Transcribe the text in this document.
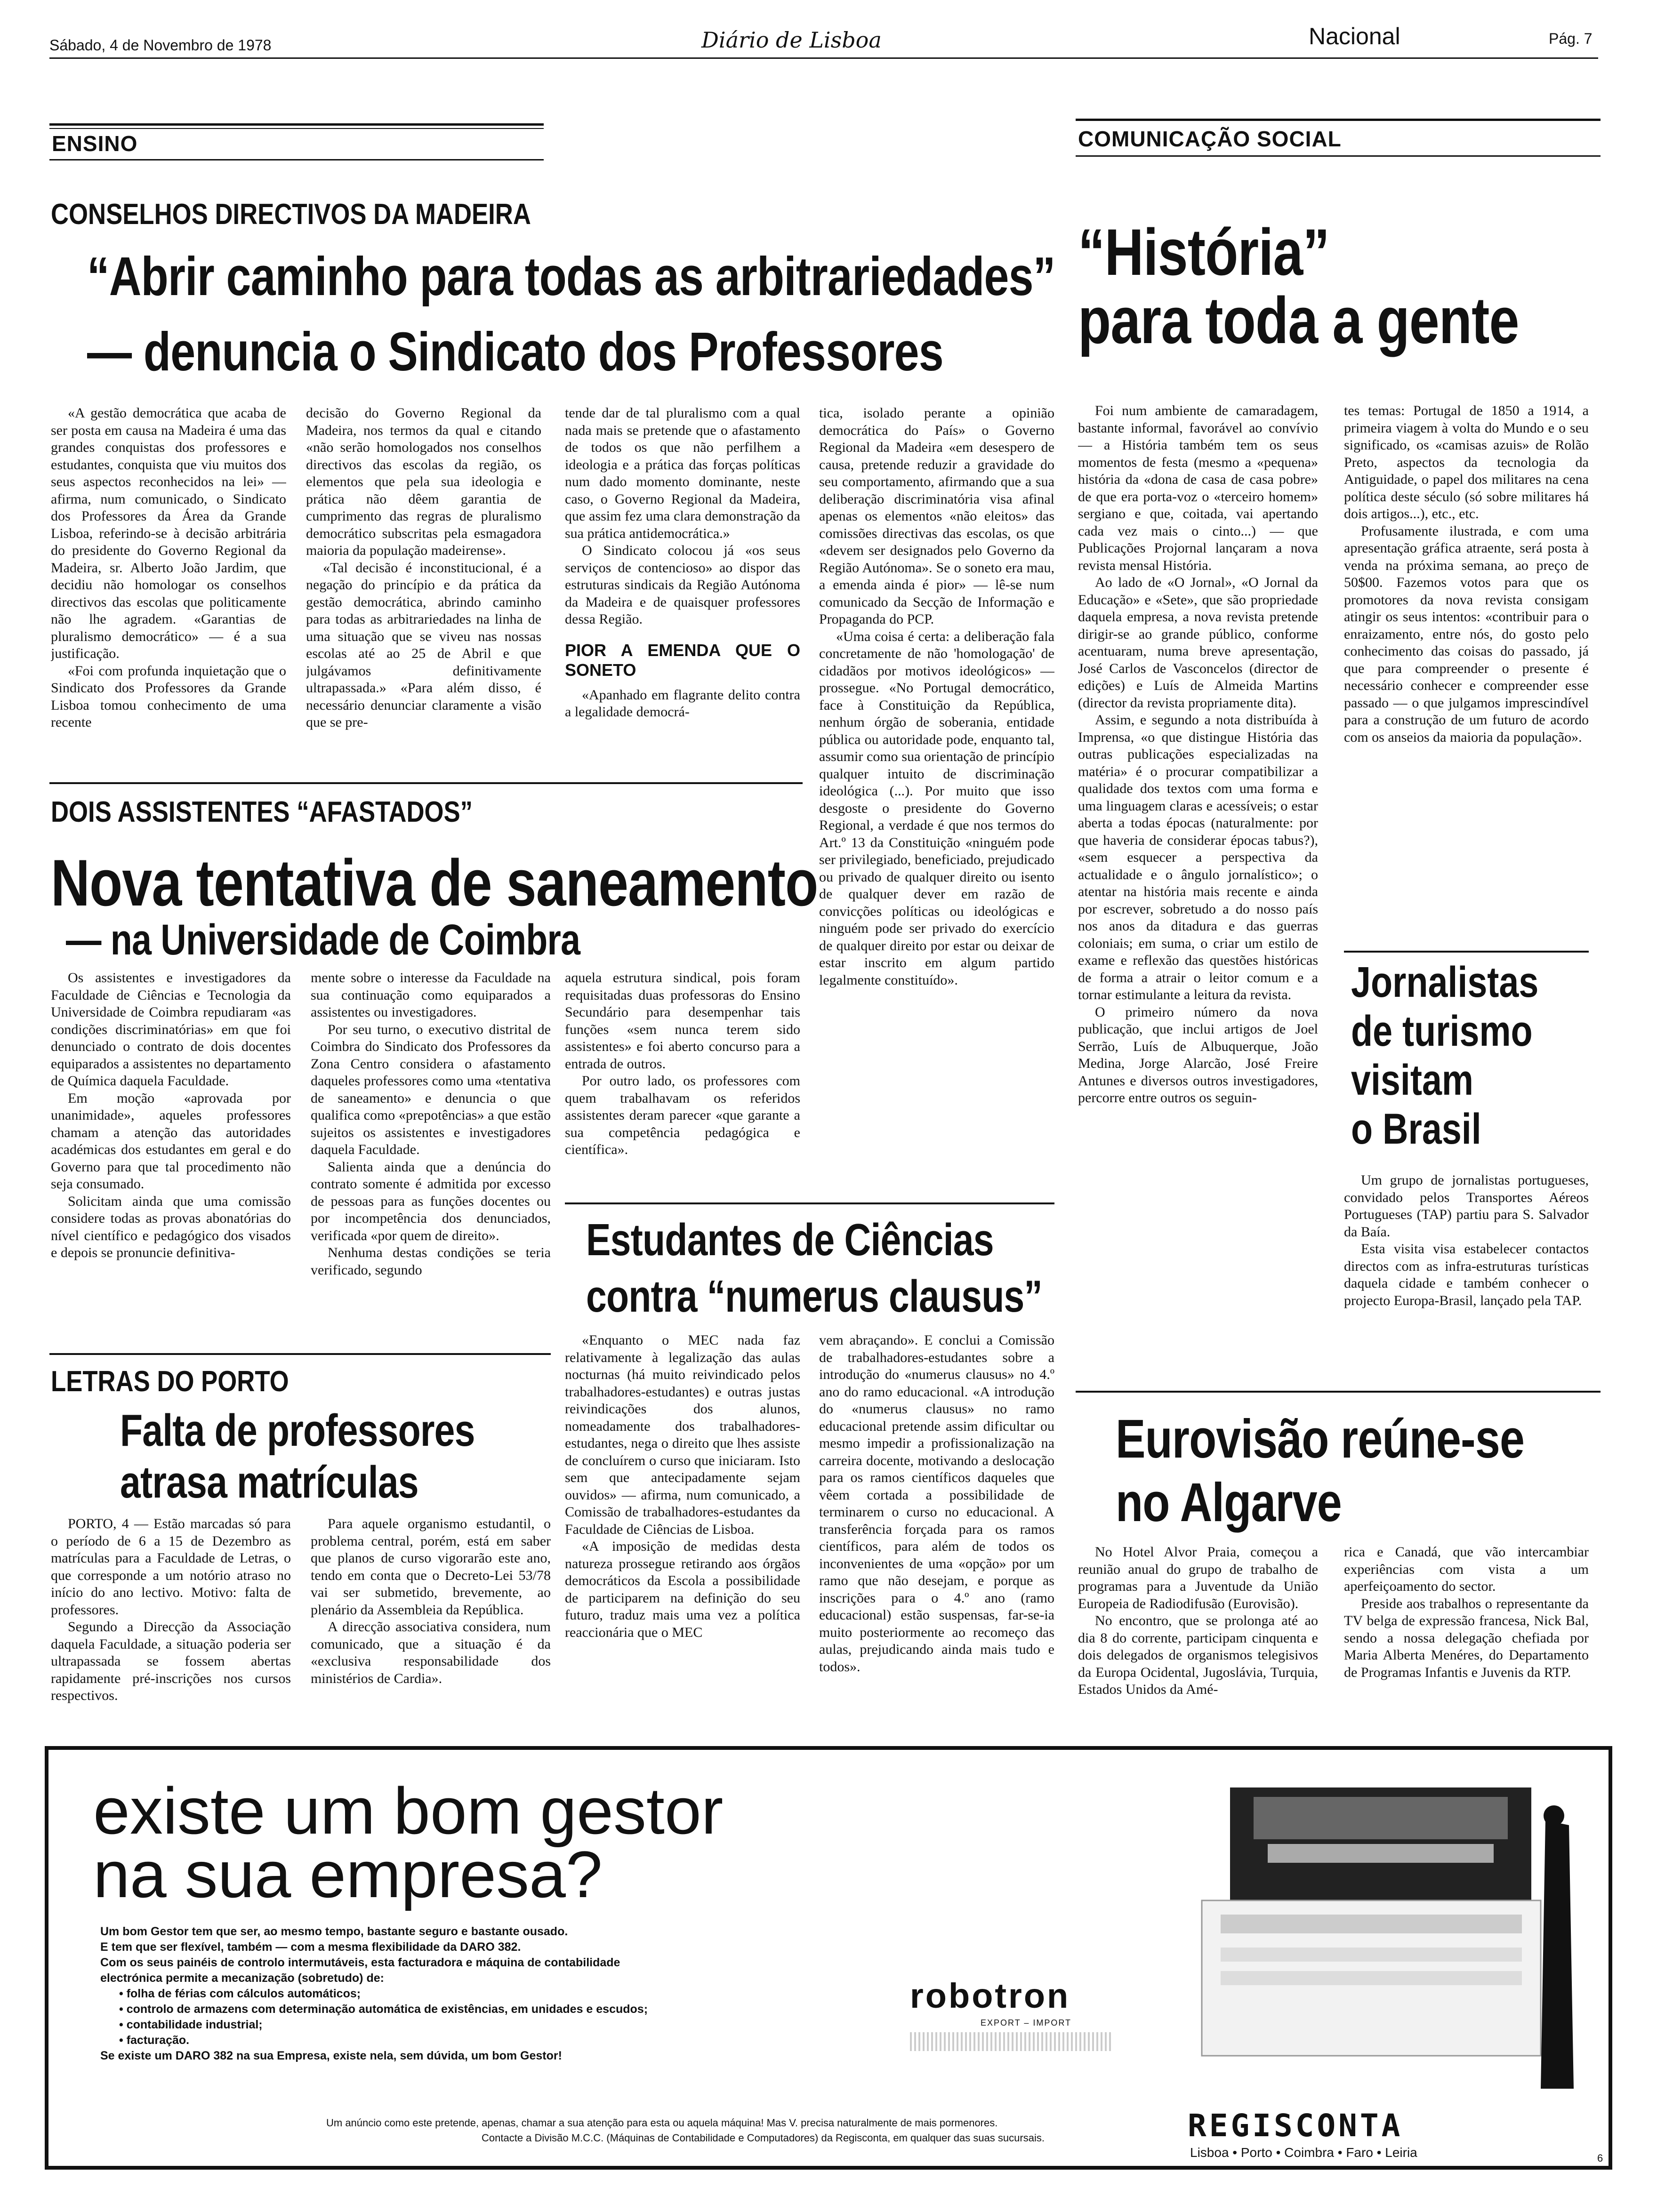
Sábado, 4 de Novembro de 1978	Diário de Lisboa	Nacional	Pág. 7
ENSINO
CONSELHOS DIRECTIVOS DA MADEIRA
“Abrir caminho para todas as arbitrariedades”
— denuncia o Sindicato dos Professores

«A gestão democrática que acaba de ser posta em causa na Madeira é uma das grandes conquistas dos professores e estudantes, conquista que viu muitos dos seus aspectos reconhecidos na lei» — afirma, num comunicado, o Sindicato dos Professores da Área da Grande Lisboa, referindo-se à decisão arbitrária do presidente do Governo Regional da Madeira, sr. Alberto João Jardim, que decidiu não homologar os conselhos directivos das escolas que politicamente não lhe agradem. «Garantias de pluralismo democrático» — é a sua justificação.

«Foi com profunda inquietação que o Sindicato dos Professores da Grande Lisboa tomou conhecimento de uma recente

decisão do Governo Regional da Madeira, nos termos da qual e citando «não serão homologados nos conselhos directivos das escolas da região, os elementos que pela sua ideologia e prática não dêem garantia de cumprimento das regras de pluralismo democrático subscritas pela esmagadora maioria da população madeirense».

«Tal decisão é inconstitucional, é a negação do princípio e da prática da gestão democrática, abrindo caminho para todas as arbitrariedades na linha de uma situação que se viveu nas nossas escolas até ao 25 de Abril e que julgávamos definitivamente ultrapassada.» «Para além disso, é necessário denunciar claramente a visão que se pre-

tende dar de tal pluralismo com a qual nada mais se pretende que o afastamento de todos os que não perfilhem a ideologia e a prática das forças políticas num dado momento dominante, neste caso, o Governo Regional da Madeira, que assim fez uma clara demonstração da sua prática antidemocrática.»

O Sindicato colocou já «os seus serviços de contencioso» ao dispor das estruturas sindicais da Região Autónoma da Madeira e de quaisquer professores dessa Região.

PIOR A EMENDA QUE O SONETO

«Apanhado em flagrante delito contra a legalidade democrá-

tica, isolado perante a opinião democrática do País» o Governo Regional da Madeira «em desespero de causa, pretende reduzir a gravidade do seu comportamento, afirmando que a sua deliberação discriminatória visa afinal apenas os elementos «não eleitos» das comissões directivas das escolas, os que «devem ser designados pelo Governo da Região Autónoma». Se o soneto era mau, a emenda ainda é pior» — lê-se num comunicado da Secção de Informação e Propaganda do PCP.

«Uma coisa é certa: a deliberação fala concretamente de não 'homologação' de cidadãos por motivos ideológicos» — prossegue. «No Portugal democrático, face à Constituição da República, nenhum órgão de soberania, entidade pública ou autoridade pode, enquanto tal, assumir como sua orientação de princípio qualquer intuito de discriminação ideológica (...). Por muito que isso desgoste o presidente do Governo Regional, a verdade é que nos termos do Art.º 13 da Constituição «ninguém pode ser privilegiado, beneficiado, prejudicado ou privado de qualquer direito ou isento de qualquer dever em razão de convicções políticas ou ideológicas e ninguém pode ser privado do exercício de qualquer direito por estar ou deixar de estar inscrito em algum partido legalmente constituído».

DOIS ASSISTENTES “AFASTADOS”
Nova tentativa de saneamento
— na Universidade de Coimbra

Os assistentes e investigadores da Faculdade de Ciências e Tecnologia da Universidade de Coimbra repudiaram «as condições discriminatórias» em que foi denunciado o contrato de dois docentes equiparados a assistentes no departamento de Química daquela Faculdade.

Em moção «aprovada por unanimidade», aqueles professores chamam a atenção das autoridades académicas dos estudantes em geral e do Governo para que tal procedimento não seja consumado.

Solicitam ainda que uma comissão considere todas as provas abonatórias do nível científico e pedagógico dos visados e depois se pronuncie definitiva-

mente sobre o interesse da Faculdade na sua continuação como equiparados a assistentes ou investigadores.

Por seu turno, o executivo distrital de Coimbra do Sindicato dos Professores da Zona Centro considera o afastamento daqueles professores como uma «tentativa de saneamento» e denuncia o que qualifica como «prepotências» a que estão sujeitos os assistentes e investigadores daquela Faculdade.

Salienta ainda que a denúncia do contrato somente é admitida por excesso de pessoas para as funções docentes ou por incompetência dos denunciados, verificada «por quem de direito».

Nenhuma destas condições se teria verificado, segundo

aquela estrutura sindical, pois foram requisitadas duas professoras do Ensino Secundário para desempenhar tais funções «sem nunca terem sido assistentes» e foi aberto concurso para a entrada de outros.

Por outro lado, os professores com quem trabalhavam os referidos assistentes deram parecer «que garante a sua competência pedagógica e científica».

Estudantes de Ciências
contra “numerus clausus”

«Enquanto o MEC nada faz relativamente à legalização das aulas nocturnas (há muito reivindicado pelos trabalhadores-estudantes) e outras justas reivindicações dos alunos, nomeadamente dos trabalhadores-estudantes, nega o direito que lhes assiste de concluírem o curso que iniciaram. Isto sem que antecipadamente sejam ouvidos» — afirma, num comunicado, a Comissão de trabalhadores-estudantes da Faculdade de Ciências de Lisboa.

«A imposição de medidas desta natureza prossegue retirando aos órgãos democráticos da Escola a possibilidade de participarem na definição do seu futuro, traduz mais uma vez a política reaccionária que o MEC

vem abraçando». E conclui a Comissão de trabalhadores-estudantes sobre a introdução do «numerus clausus» no 4.º ano do ramo educacional. «A introdução do «numerus clausus» no ramo educacional pretende assim dificultar ou mesmo impedir a profissionalização na carreira docente, motivando a deslocação para os ramos científicos daqueles que vêem cortada a possibilidade de terminarem o curso no educacional. A transferência forçada para os ramos científicos, para além de todos os inconvenientes de uma «opção» por um ramo que não desejam, e porque as inscrições para o 4.º ano (ramo educacional) estão suspensas, far-se-ia muito posteriormente ao recomeço das aulas, prejudicando ainda mais tudo e todos».

LETRAS DO PORTO
Falta de professores
atrasa matrículas

PORTO, 4 — Estão marcadas só para o período de 6 a 15 de Dezembro as matrículas para a Faculdade de Letras, o que corresponde a um notório atraso no início do ano lectivo. Motivo: falta de professores.

Segundo a Direcção da Associação daquela Faculdade, a situação poderia ser ultrapassada se fossem abertas rapidamente pré-inscrições nos cursos respectivos.

Para aquele organismo estudantil, o problema central, porém, está em saber que planos de curso vigorarão este ano, tendo em conta que o Decreto-Lei 53/78 vai ser submetido, brevemente, ao plenário da Assembleia da República.

A direcção associativa considera, num comunicado, que a situação é da «exclusiva responsabilidade dos ministérios de Cardia».

COMUNICAÇÃO SOCIAL
“História”
para toda a gente

Foi num ambiente de camaradagem, bastante informal, favorável ao convívio — a História também tem os seus momentos de festa (mesmo a «pequena» história da «dona de casa de casa pobre» de que era porta-voz o «terceiro homem» sergiano e que, coitada, vai apertando cada vez mais o cinto...) — que Publicações Projornal lançaram a nova revista mensal História.

Ao lado de «O Jornal», «O Jornal da Educação» e «Sete», que são propriedade daquela empresa, a nova revista pretende dirigir-se ao grande público, conforme acentuaram, numa breve apresentação, José Carlos de Vasconcelos (director de edições) e Luís de Almeida Martins (director da revista propriamente dita).

Assim, e segundo a nota distribuída à Imprensa, «o que distingue História das outras publicações especializadas na matéria» é o procurar compatibilizar a qualidade dos textos com uma forma e uma linguagem claras e acessíveis; o estar aberta a todas épocas (naturalmente: por que haveria de considerar épocas tabus?), «sem esquecer a perspectiva da actualidade e o ângulo jornalístico»; o atentar na história mais recente e ainda por escrever, sobretudo a do nosso país nos anos da ditadura e das guerras coloniais; em suma, o criar um estilo de exame e reflexão das questões históricas de forma a atrair o leitor comum e a tornar estimulante a leitura da revista.

O primeiro número da nova publicação, que inclui artigos de Joel Serrão, Luís de Albuquerque, João Medina, Jorge Alarcão, José Freire Antunes e diversos outros investigadores, percorre entre outros os seguin-

tes temas: Portugal de 1850 a 1914, a primeira viagem à volta do Mundo e o seu significado, os «camisas azuis» de Rolão Preto, aspectos da tecnologia da Antiguidade, o papel dos militares na cena política deste século (só sobre militares há dois artigos...), etc., etc.

Profusamente ilustrada, e com uma apresentação gráfica atraente, será posta à venda na próxima semana, ao preço de 50$00. Fazemos votos para que os promotores da nova revista consigam atingir os seus intentos: «contribuir para o enraizamento, entre nós, do gosto pelo conhecimento das coisas do passado, já que para compreender o presente é necessário conhecer e compreender esse passado — o que julgamos imprescindível para a construção de um futuro de acordo com os anseios da maioria da população».

Jornalistas
de turismo
visitam
o Brasil

Um grupo de jornalistas portugueses, convidado pelos Transportes Aéreos Portugueses (TAP) partiu para S. Salvador da Baía.

Esta visita visa estabelecer contactos directos com as infra-estruturas turísticas daquela cidade e também conhecer o projecto Europa-Brasil, lançado pela TAP.

Eurovisão reúne-se
no Algarve

No Hotel Alvor Praia, começou a reunião anual do grupo de trabalho de programas para a Juventude da União Europeia de Radiodifusão (Eurovisão).

No encontro, que se prolonga até ao dia 8 do corrente, participam cinquenta e dois delegados de organismos telegisivos da Europa Ocidental, Jugoslávia, Turquia, Estados Unidos da Amé-

rica e Canadá, que vão intercambiar experiências com vista a um aperfeiçoamento do sector.

Preside aos trabalhos o representante da TV belga de expressão francesa, Nick Bal, sendo a nossa delegação chefiada por Maria Alberta Menéres, do Departamento de Programas Infantis e Juvenis da RTP.

existe um bom gestor
na sua empresa?
Um bom Gestor tem que ser, ao mesmo tempo, bastante seguro e bastante ousado.
E tem que ser flexível, também — com a mesma flexibilidade da DARO 382.
Com os seus painéis de controlo intermutáveis, esta facturadora e máquina de contabilidade
electrónica permite a mecanização (sobretudo) de:
• folha de férias com cálculos automáticos;
• controlo de armazens com determinação automática de existências, em unidades e escudos;
• contabilidade industrial;
• facturação.
Se existe um DARO 382 na sua Empresa, existe nela, sem dúvida, um bom Gestor!
Um anúncio como este pretende, apenas, chamar a sua atenção para esta ou aquela máquina! Mas V. precisa naturalmente de mais pormenores.
Contacte a Divisão M.C.C. (Máquinas de Contabilidade e Computadores) da Regisconta, em qualquer das suas sucursais.
robotron
EXPORT – IMPORT
REGISCONTA
Lisboa • Porto • Coimbra • Faro • Leiria	6
